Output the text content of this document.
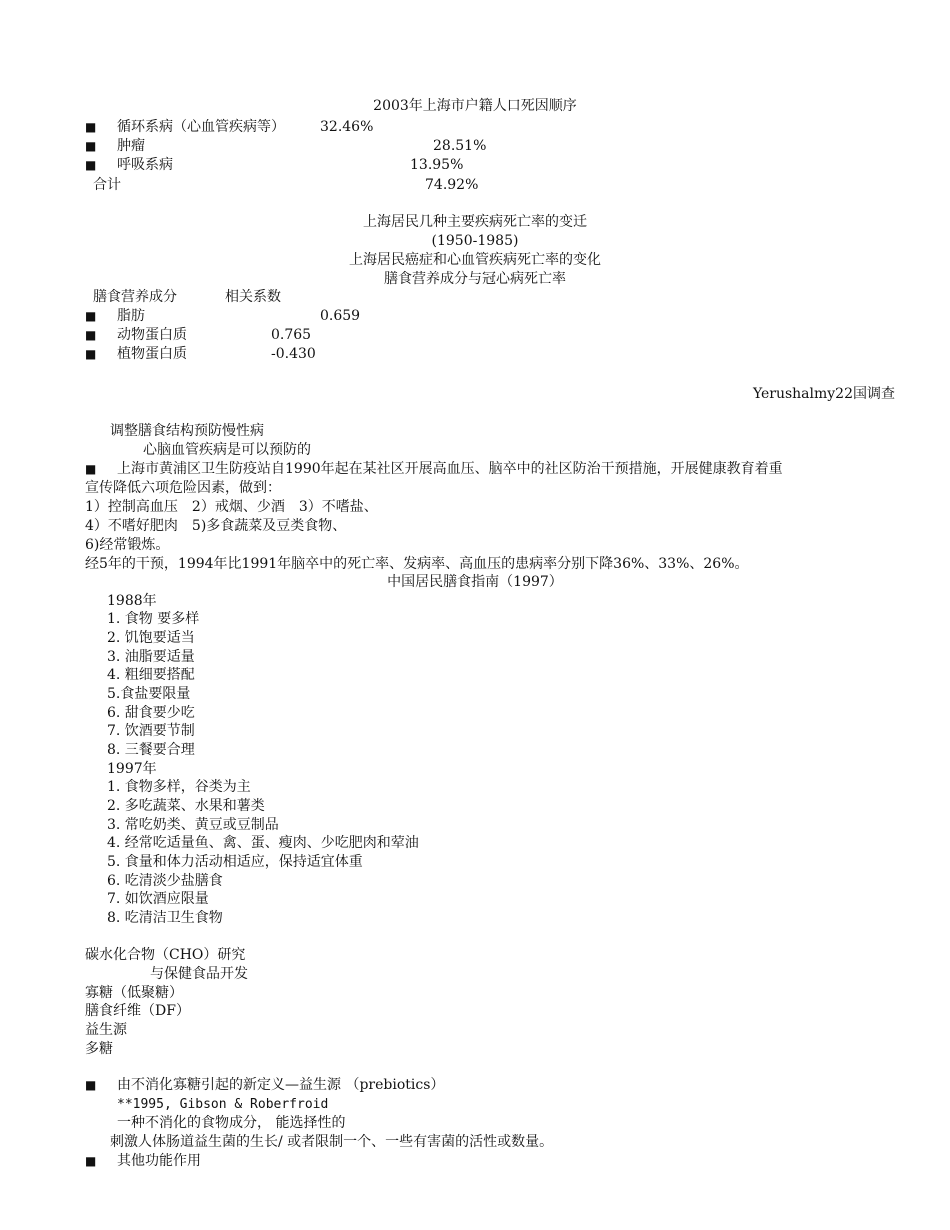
2003年上海市户籍人口死因顺序
■ 循环系病（心血管疾病等）	32.46%
■ 肿瘤	28.51%
■ 呼吸系病	13.95%
合计	74.92%
上海居民几种主要疾病死亡率的变迁
(1950-1985)
上海居民癌症和心血管疾病死亡率的变化
膳食营养成分与冠心病死亡率
膳食营养成分	相关系数
■ 脂肪	0.659
■ 动物蛋白质	0.765
■ 植物蛋白质	-0.430
Yerushalmy22国调查
调整膳食结构预防慢性病
心脑血管疾病是可以预防的
■ 上海市黄浦区卫生防疫站自1990年起在某社区开展高血压、脑卒中的社区防治干预措施，开展健康教育着重
宣传降低六项危险因素，做到：
1）控制高血压　2）戒烟、少酒　3）不嗜盐、
4）不嗜好肥肉　5)多食蔬菜及豆类食物、
6)经常锻炼。
经5年的干预，1994年比1991年脑卒中的死亡率、发病率、高血压的患病率分别下降36%、33%、26%。
中国居民膳食指南（1997）
1988年
1. 食物 要多样
2. 饥饱要适当
3. 油脂要适量
4. 粗细要搭配
5.食盐要限量
6. 甜食要少吃
7. 饮酒要节制
8. 三餐要合理
1997年
1. 食物多样，谷类为主
2. 多吃蔬菜、水果和薯类
3. 常吃奶类、黄豆或豆制品
4. 经常吃适量鱼、禽、蛋、瘦肉、少吃肥肉和荤油
5. 食量和体力活动相适应，保持适宜体重
6. 吃清淡少盐膳食
7. 如饮酒应限量
8. 吃清洁卫生食物
碳水化合物（CHO）研究
与保健食品开发
寡糖（低聚糖）
膳食纤维（DF）
益生源
多糖
■ 由不消化寡糖引起的新定义—益生源 （prebiotics）
**1995, Gibson & Roberfroid
一种不消化的食物成分， 能选择性的
刺激人体肠道益生菌的生长/ 或者限制一个、一些有害菌的活性或数量。
■ 其他功能作用
